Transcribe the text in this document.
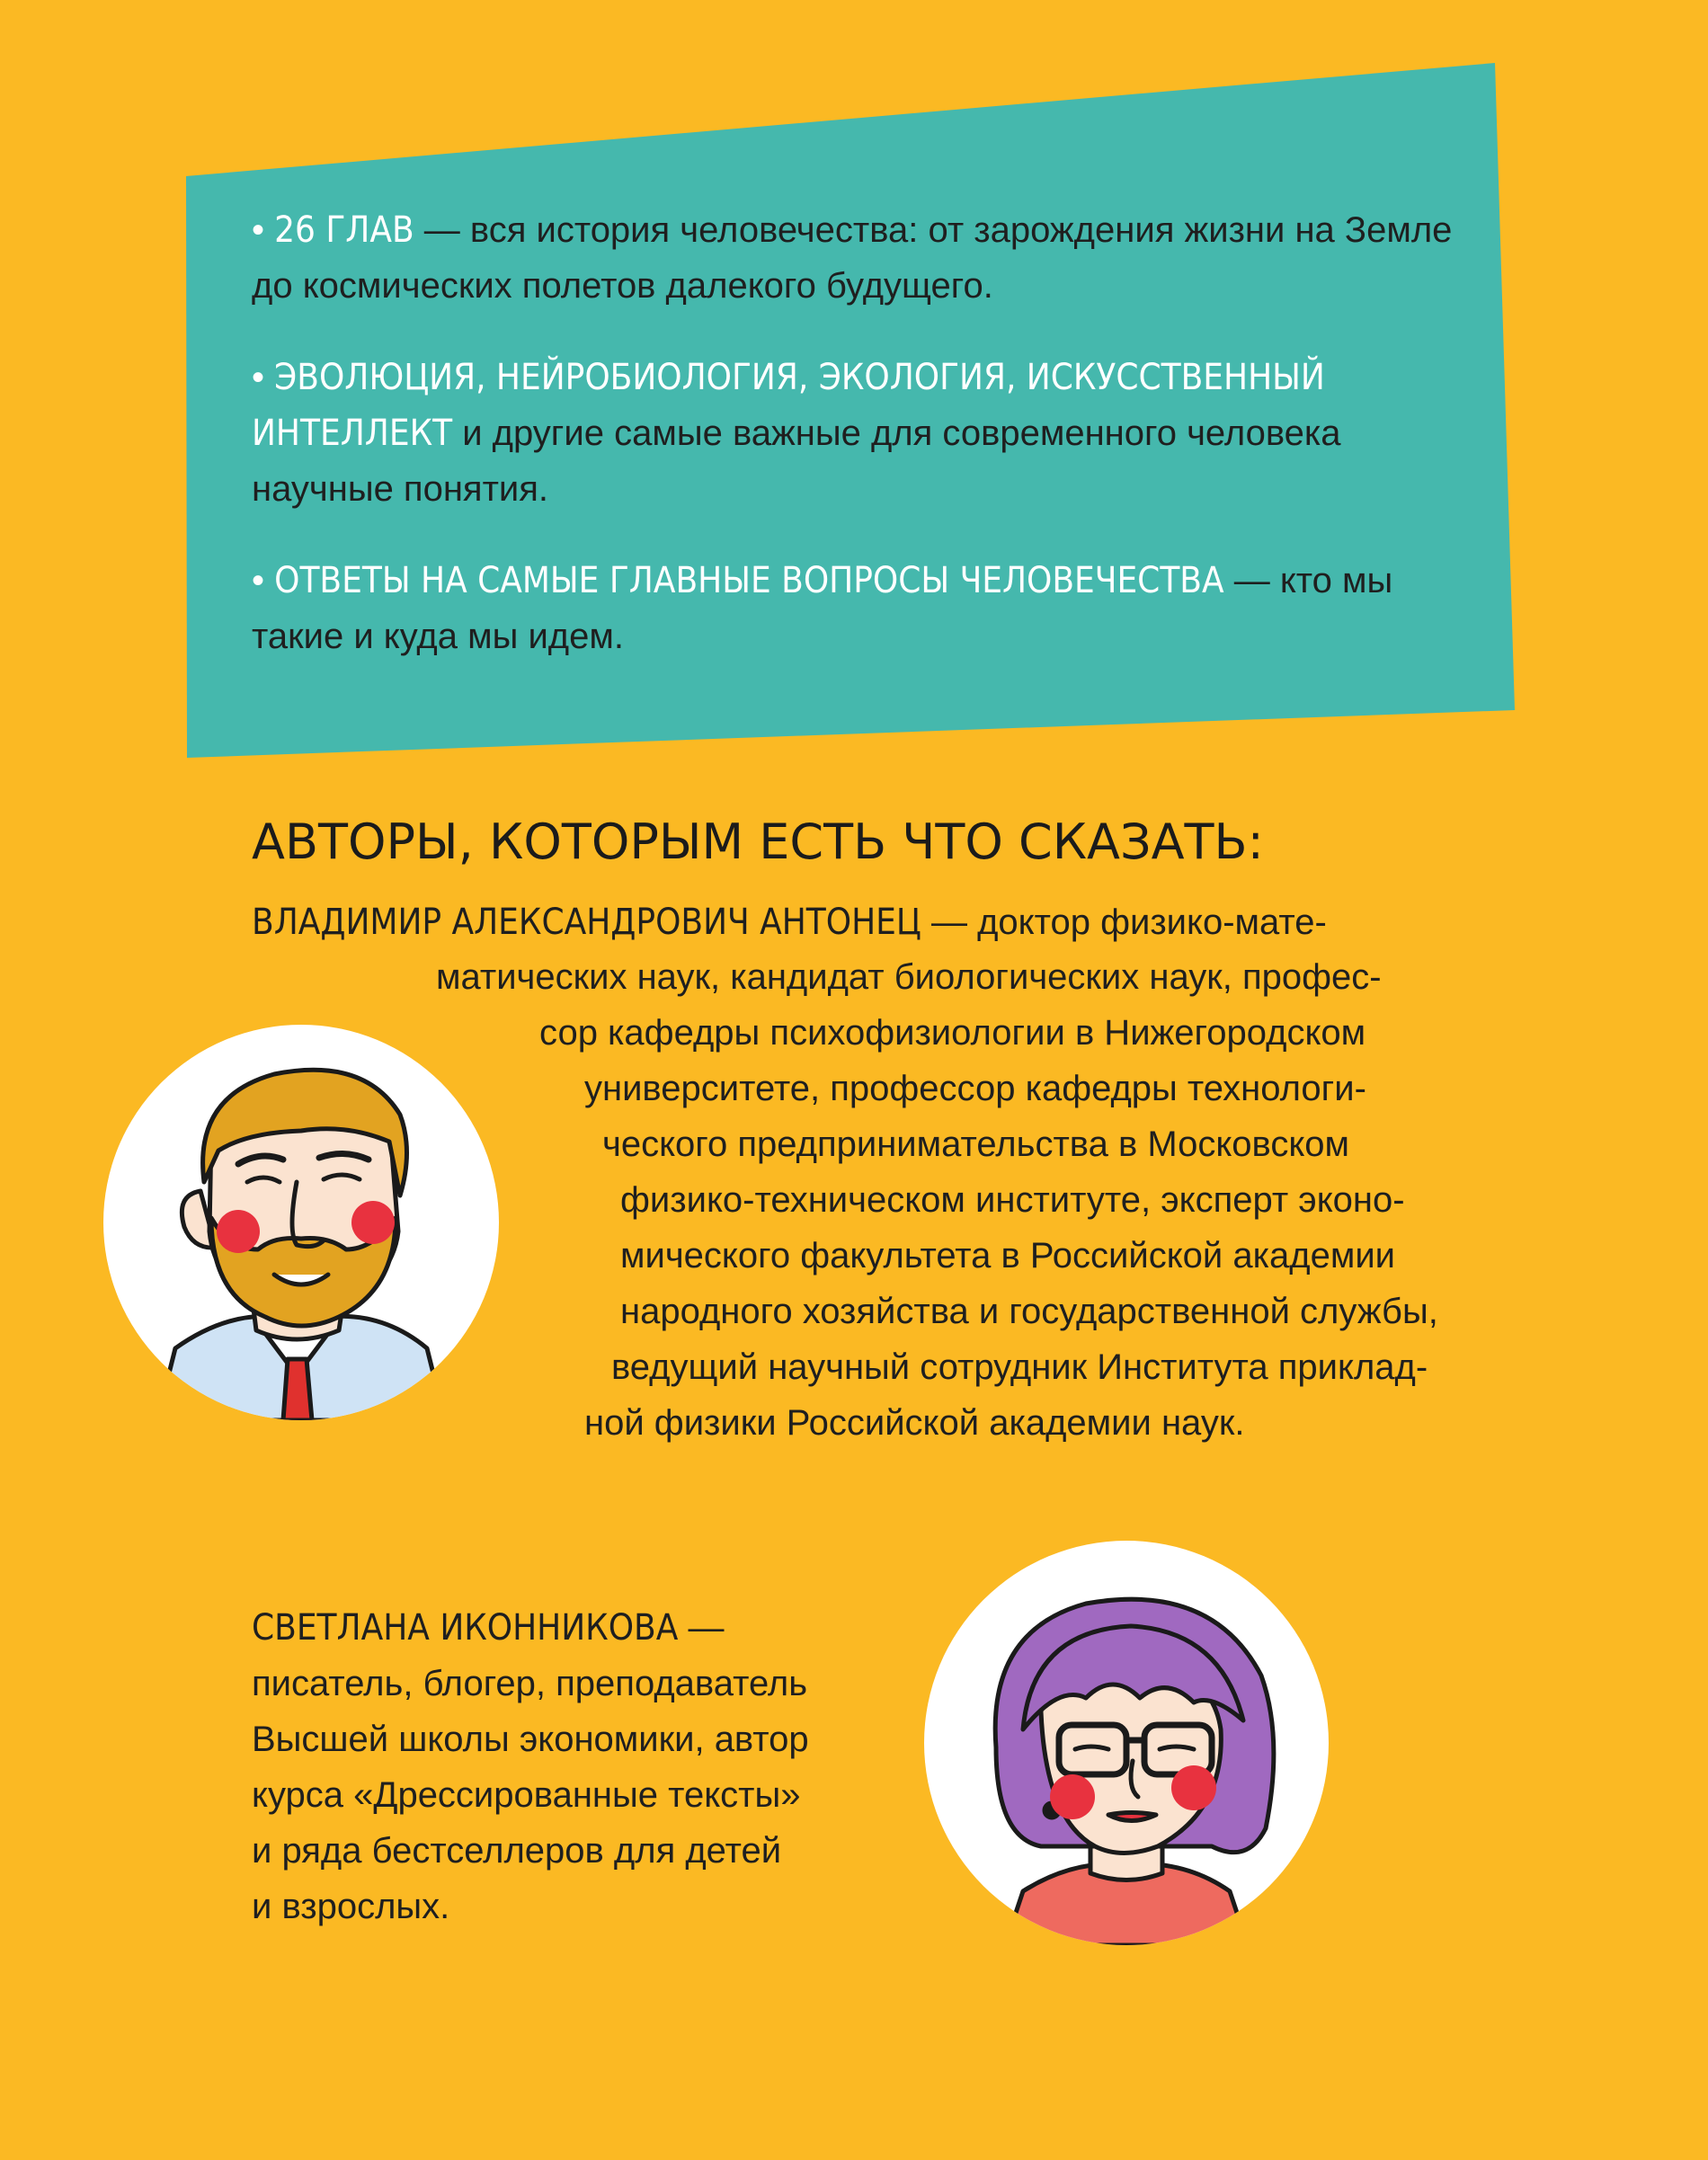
• 26 ГЛАВ — вся история человечества: от зарождения жизни на Земле до космических полетов далекого будущего.

• ЭВОЛЮЦИЯ, НЕЙРОБИОЛОГИЯ, ЭКОЛОГИЯ, ИСКУССТВЕННЫЙ ИНТЕЛЛЕКТ и другие самые важные для современного человека научные понятия.

• ОТВЕТЫ НА САМЫЕ ГЛАВНЫЕ ВОПРОСЫ ЧЕЛОВЕЧЕСТВА — кто мы такие и куда мы идем.

АВТОРЫ, КОТОРЫМ ЕСТЬ ЧТО СКАЗАТЬ:
ВЛАДИМИР АЛЕКСАНДРОВИЧ АНТОНЕЦ — доктор физико-мате-
матических наук, кандидат биологических наук, профес-
сор кафедры психофизиологии в Нижегородском
университете, профессор кафедры технологи-
ческого предпринимательства в Московском
физико-техническом институте, эксперт эконо-
мического факультета в Российской академии
народного хозяйства и государственной службы,
ведущий научный сотрудник Института приклад-
ной физики Российской академии наук.
СВЕТЛАНА ИКОННИКОВА —
писатель, блогер, преподаватель
Высшей школы экономики, автор
курса «Дрессированные тексты»
и ряда бестселлеров для детей
и взрослых.
